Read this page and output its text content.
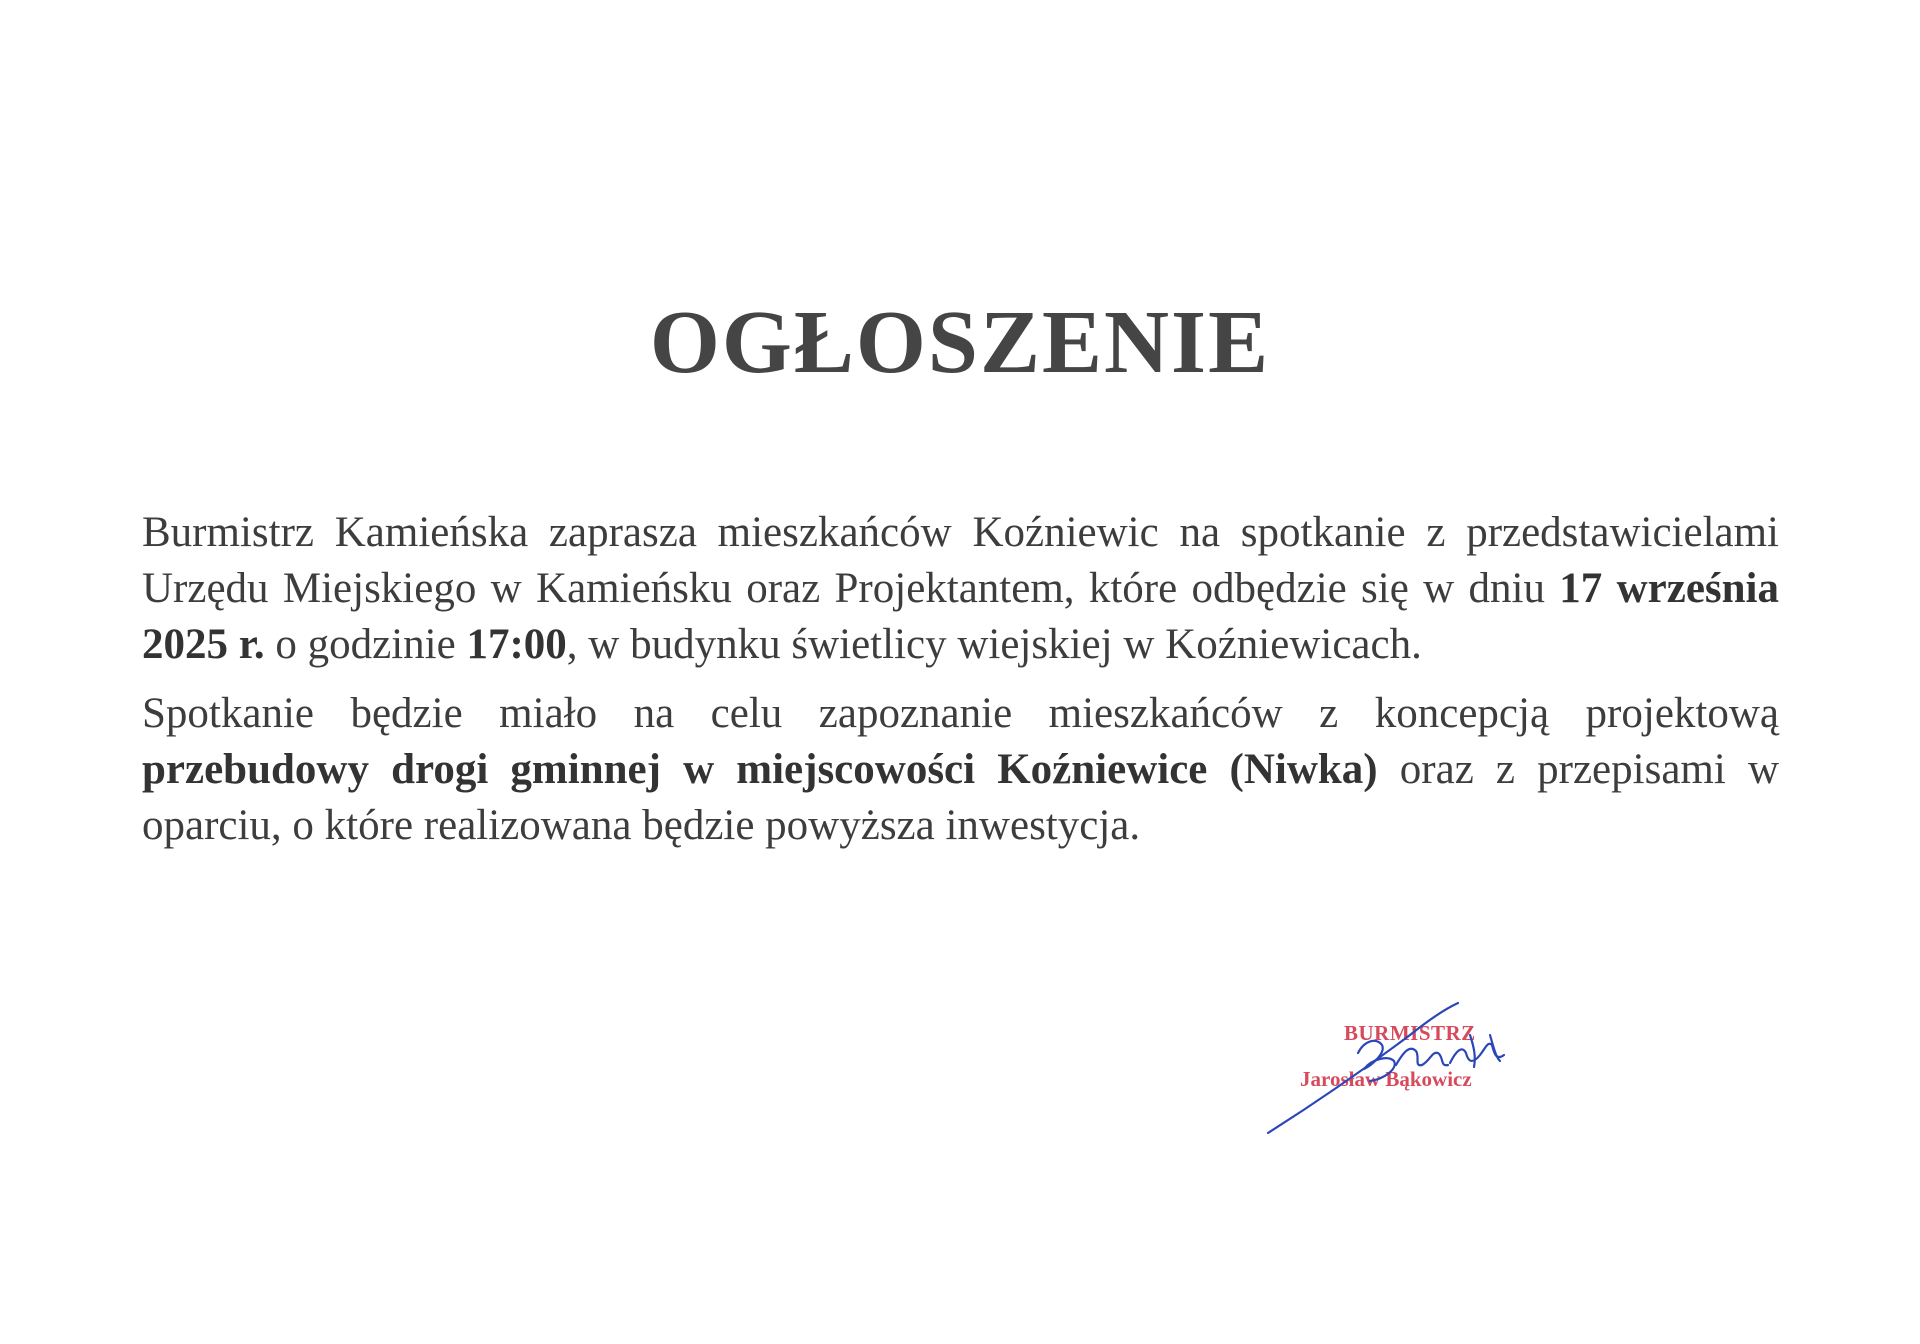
OGŁOSZENIE

Burmistrz Kamieńska zaprasza mieszkańców Koźniewic na spotkanie z przedstawicielami Urzędu Miejskiego w Kamieńsku oraz Projektantem, które odbędzie się w dniu 17 września 2025 r. o godzinie 17:00, w budynku świetlicy wiejskiej w Koźniewicach.

Spotkanie będzie miało na celu zapoznanie mieszkańców z koncepcją projektową przebudowy drogi gminnej w miejscowości Koźniewice (Niwka) oraz z przepisami w oparciu, o które realizowana będzie powyższa inwestycja.

BURMISTRZ
Jarosław Bąkowicz
